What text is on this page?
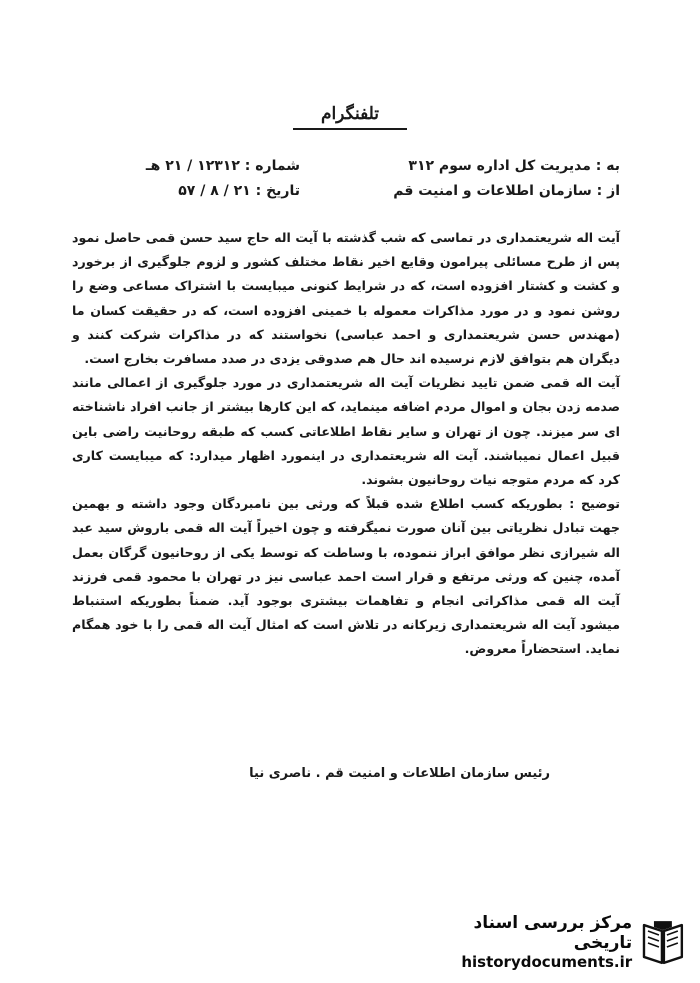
تلفنگرام
به : مدیریت کل اداره سوم ۳۱۲
از : سازمان اطلاعات و امنیت قم
شماره : ۱۲۳۱۲ / ۲۱ هـ
تاریخ : ۲۱ / ۸ / ۵۷

آیت اله شریعتمداری در تماسی که شب گذشته با آیت اله حاج سید حسن قمی حاصل نمود پس از طرح مسائلی پیرامون وقایع اخیر نقاط مختلف کشور و لزوم جلوگیری از برخورد و کشت و کشتار افزوده است، که در شرایط کنونی میبایست با اشتراک مساعی وضع را روشن نمود و در مورد مذاکرات معموله با خمینی افزوده است، که در حقیقت کسان ما (مهندس حسن شریعتمداری و احمد عباسی) نخواستند که در مذاکرات شرکت کنند و دیگران هم بتوافق لازم نرسیده اند حال هم صدوقی یزدی در صدد مسافرت بخارج است.

آیت اله قمی ضمن تایید نظریات آیت اله شریعتمداری در مورد جلوگیری از اعمالی مانند صدمه زدن بجان و اموال مردم اضافه مینماید، که این کارها بیشتر از جانب افراد ناشناخته ای سر میزند. چون از تهران و سایر نقاط اطلاعاتی کسب که طبقه روحانیت راضی باین قبیل اعمال نمیباشند. آیت اله شریعتمداری در اینمورد اظهار میدارد: که میبایست کاری کرد که مردم متوجه نیات روحانیون بشوند.

توضیح : بطوریکه کسب اطلاع شده قبلاً که ورثی بین نامبردگان وجود داشته و بهمین جهت تبادل نظریاتی بین آنان صورت نمیگرفته و چون اخیراً آیت اله قمی باروش سید عبد اله شیرازی نظر موافق ابراز ننموده، با وساطت که توسط یکی از روحانیون گرگان بعمل آمده، چنین که ورثی مرتفع و قرار است احمد عباسی نیز در تهران با محمود قمی فرزند آیت اله قمی مذاکراتی انجام و تفاهمات بیشتری بوجود آید. ضمناً بطوریکه استنباط میشود آیت اله شریعتمداری زیرکانه در تلاش است که امثال آیت اله قمی را با خود همگام نماید. استحضاراً معروض.

رئیس سازمان اطلاعات و امنیت قم . ناصری نیا
مرکز بررسی اسناد تاریخی
historydocuments.ir
